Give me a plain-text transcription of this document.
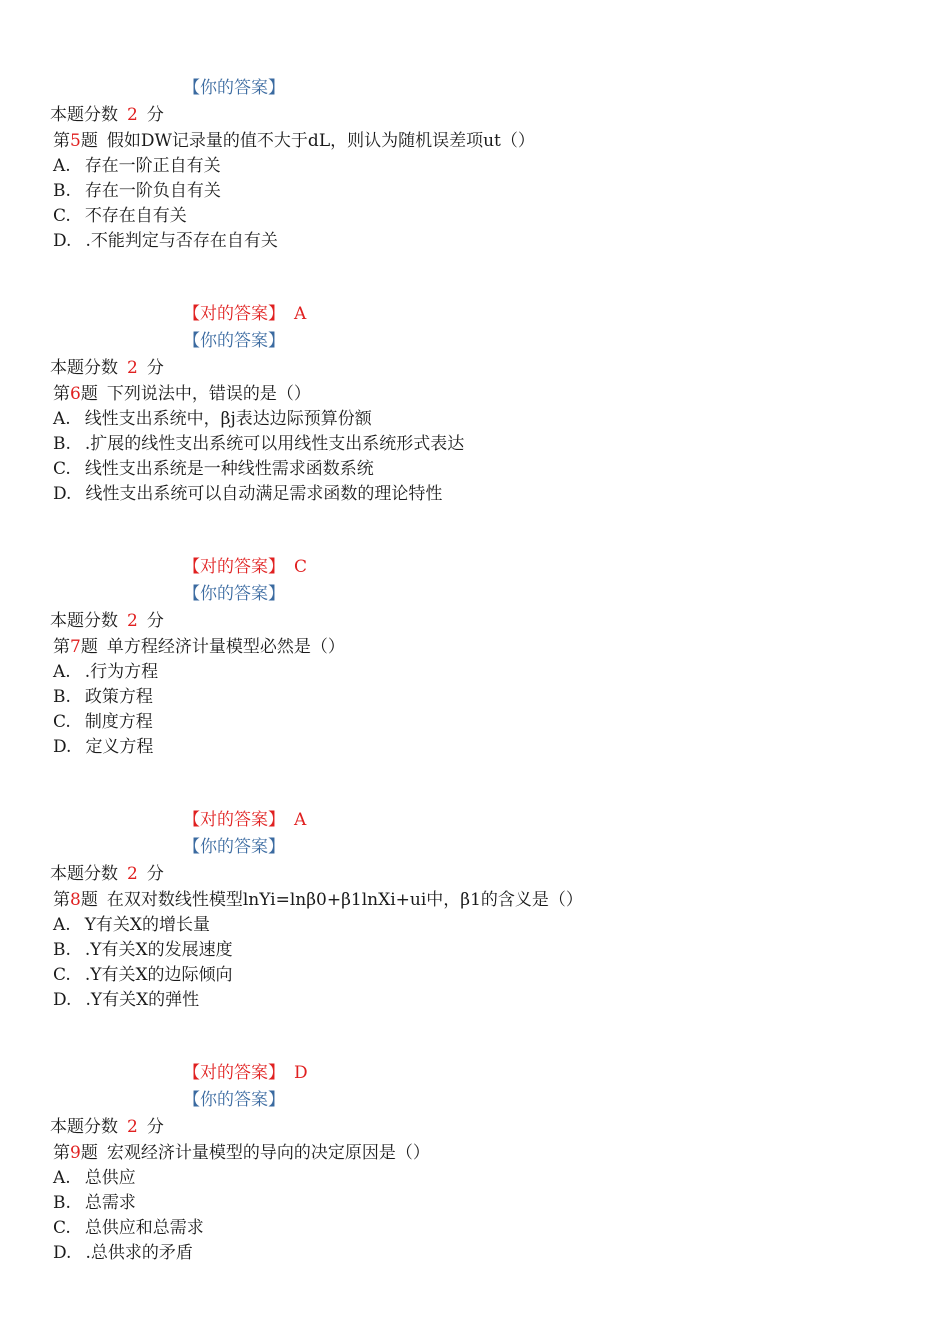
【你的答案】
本题分数 2 分
第5题 假如DW记录量的值不大于dL，则认为随机误差项ut（）
A. 存在一阶正自有关
B. 存在一阶负自有关
C. 不存在自有关
D. .不能判定与否存在自有关
【对的答案】 A
【你的答案】
本题分数 2 分
第6题 下列说法中，错误的是（）
A. 线性支出系统中，βj表达边际预算份额
B. .扩展的线性支出系统可以用线性支出系统形式表达
C. 线性支出系统是一种线性需求函数系统
D. 线性支出系统可以自动满足需求函数的理论特性
【对的答案】 C
【你的答案】
本题分数 2 分
第7题 单方程经济计量模型必然是（）
A. .行为方程
B. 政策方程
C. 制度方程
D. 定义方程
【对的答案】 A
【你的答案】
本题分数 2 分
第8题 在双对数线性模型lnYi=lnβ0+β1lnXi+ui中，β1的含义是（）
A. Y有关X的增长量
B. .Y有关X的发展速度
C. .Y有关X的边际倾向
D. .Y有关X的弹性
【对的答案】 D
【你的答案】
本题分数 2 分
第9题 宏观经济计量模型的导向的决定原因是（）
A. 总供应
B. 总需求
C. 总供应和总需求
D. .总供求的矛盾
